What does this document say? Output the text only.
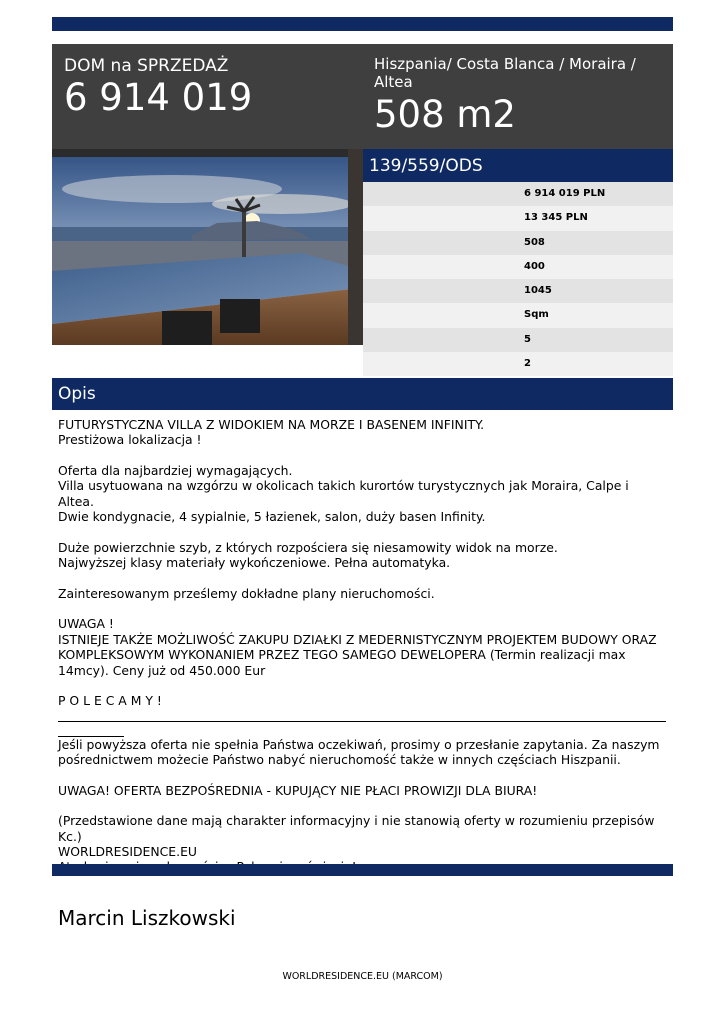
DOM na SPRZEDAŻ
6 914 019
Hiszpania/ Costa Blanca / Moraira / Altea
508 m2
139/559/ODS
6 914 019 PLN
13 345 PLN
508
400
1045
Sqm
5
2
Opis

FUTURYSTYCZNA VILLA Z WIDOKIEM NA MORZE I BASENEM INFINITY.

Prestiżowa lokalizacja !

Oferta dla najbardziej wymagających.

Villa usytuowana na wzgórzu w okolicach takich kurortów turystycznych jak Moraira, Calpe i Altea.

Dwie kondygnacie, 4 sypialnie, 5 łazienek, salon, duży basen Infinity.

Duże powierzchnie szyb, z których rozpościera się niesamowity widok na morze.

Najwyższej klasy materiały wykończeniowe. Pełna automatyka.

Zainteresowanym prześlemy dokładne plany nieruchomości.

UWAGA !

ISTNIEJE TAKŻE MOŻLIWOŚĆ ZAKUPU DZIAŁKI Z MEDERNISTYCZNYM PROJEKTEM BUDOWY ORAZ KOMPLEKSOWYM WYKONANIEM PRZEZ TEGO SAMEGO DEWELOPERA (Termin realizacji max 14mcy). Ceny już od 450.000 Eur

P O L E C A M Y !

Jeśli powyższa oferta nie spełnia Państwa oczekiwań, prosimy o przesłanie zapytania. Za naszym pośrednictwem możecie Państwo nabyć nieruchomość także w innych częściach Hiszpanii.

UWAGA! OFERTA BEZPOŚREDNIA - KUPUJĄCY NIE PŁACI PROWIZJI DLA BIURA!

(Przedstawione dane mają charakter informacyjny i nie stanowią oferty w rozumieniu przepisów Kc.)

WORLDRESIDENCE.EU

Marcin Liszkowski
WORLDRESIDENCE.EU (MARCOM)
